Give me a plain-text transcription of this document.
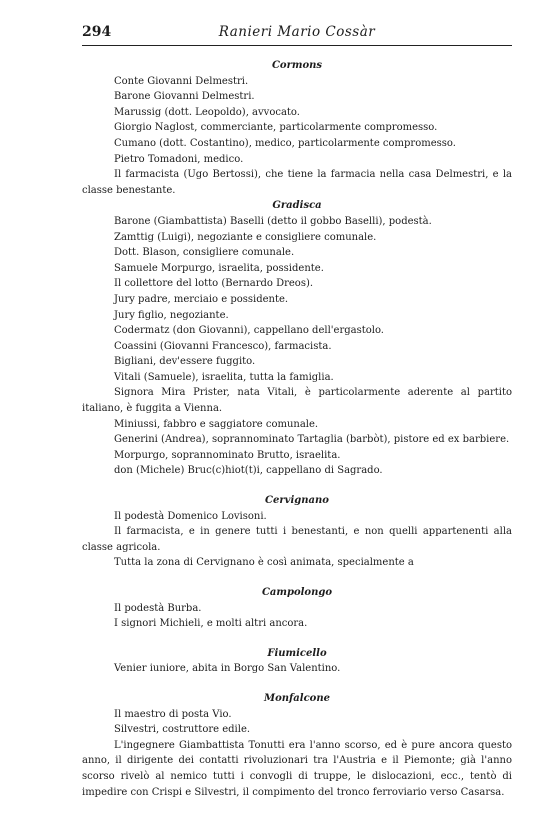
294	Ranieri Mario Cossàr
Cormons
Conte Giovanni Delmestri.
Barone Giovanni Delmestri.
Marussig (dott. Leopoldo), avvocato.
Giorgio Naglost, commerciante, particolarmente compromesso.
Cumano (dott. Costantino), medico, particolarmente compromesso.
Pietro Tomadoni, medico.
Il farmacista (Ugo Bertossi), che tiene la farmacia nella casa Delmestri, e la classe benestante.
Gradisca
Barone (Giambattista) Baselli (detto il gobbo Baselli), podestà.
Zamttig (Luigi), negoziante e consigliere comunale.
Dott. Blason, consigliere comunale.
Samuele Morpurgo, israelita, possidente.
Il collettore del lotto (Bernardo Dreos).
Jury padre, merciaio e possidente.
Jury figlio, negoziante.
Codermatz (don Giovanni), cappellano dell'ergastolo.
Coassini (Giovanni Francesco), farmacista.
Bigliani, dev'essere fuggito.
Vitali (Samuele), israelita, tutta la famiglia.
Signora Mira Prister, nata Vitali, è particolarmente aderente al partito italiano, è fuggita a Vienna.
Miniussi, fabbro e saggiatore comunale.
Generini (Andrea), soprannominato Tartaglia (barbòt), pistore ed ex barbiere.
Morpurgo, soprannominato Brutto, israelita.
don (Michele) Bruc(c)hiot(t)i, cappellano di Sagrado.
Cervignano
Il podestà Domenico Lovisoni.
Il farmacista, e in genere tutti i benestanti, e non quelli appartenenti alla classe agricola.
Tutta la zona di Cervignano è così animata, specialmente a
Campolongo
Il podestà Burba.
I signori Michieli, e molti altri ancora.
Fiumicello
Venier iuniore, abita in Borgo San Valentino.
Monfalcone
Il maestro di posta Vio.
Silvestri, costruttore edile.
L'ingegnere Giambattista Tonutti era l'anno scorso, ed è pure ancora questo anno, il dirigente dei contatti rivoluzionari tra l'Austria e il Piemonte; già l'anno scorso rivelò al nemico tutti i convogli di truppe, le dislocazioni, ecc., tentò di impedire con Crispi e Silvestri, il compimento del tronco ferroviario verso Casarsa.
